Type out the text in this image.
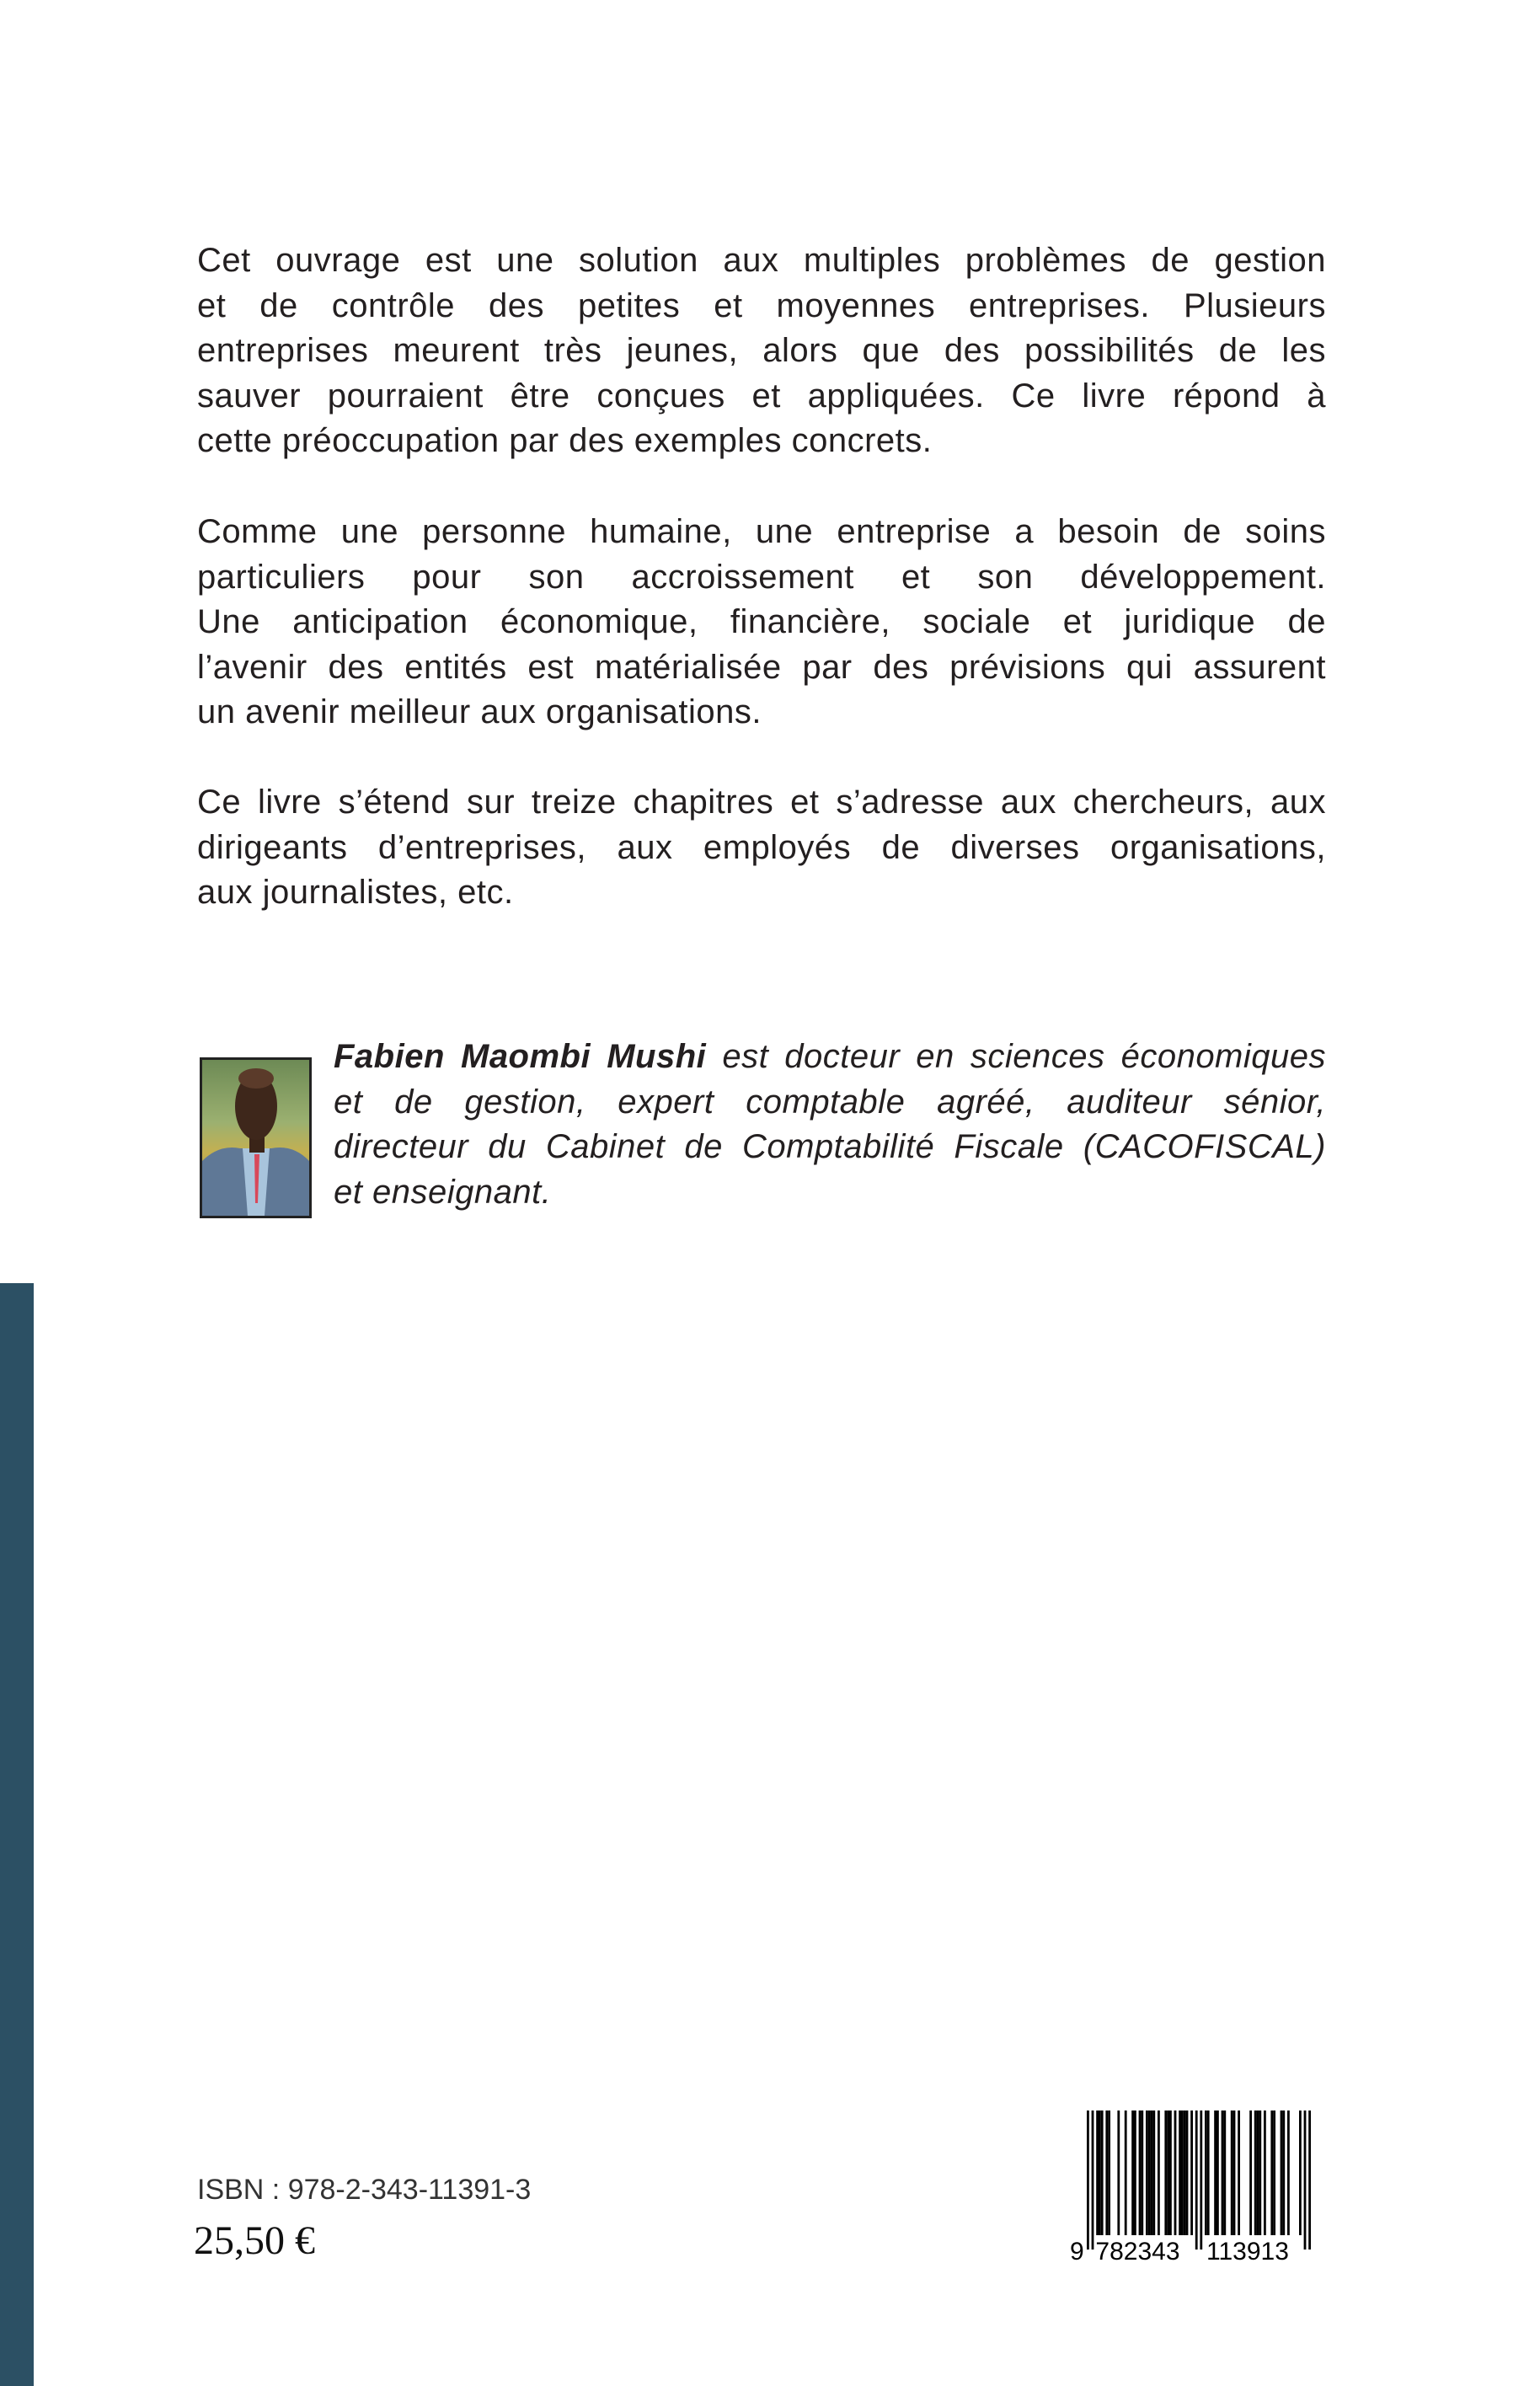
Cet ouvrage est une solution aux multiples problèmes de gestion
et de contrôle des petites et moyennes entreprises. Plusieurs
entreprises meurent très jeunes, alors que des possibilités de les
sauver pourraient être conçues et appliquées. Ce livre répond à
cette préoccupation par des exemples concrets.
Comme une personne humaine, une entreprise a besoin de soins
particuliers pour son accroissement et son développement.
Une anticipation économique, financière, sociale et juridique de
l’avenir des entités est matérialisée par des prévisions qui assurent
un avenir meilleur aux organisations.
Ce livre s’étend sur treize chapitres et s’adresse aux chercheurs, aux
dirigeants d’entreprises, aux employés de diverses organisations,
aux journalistes, etc.
Fabien Maombi Mushi est docteur en sciences économiques
et de gestion, expert comptable agréé, auditeur sénior,
directeur du Cabinet de Comptabilité Fiscale (CACOFISCAL)
et enseignant.
ISBN : 978-2-343-11391-3
25,50 €	9 782343 113913
